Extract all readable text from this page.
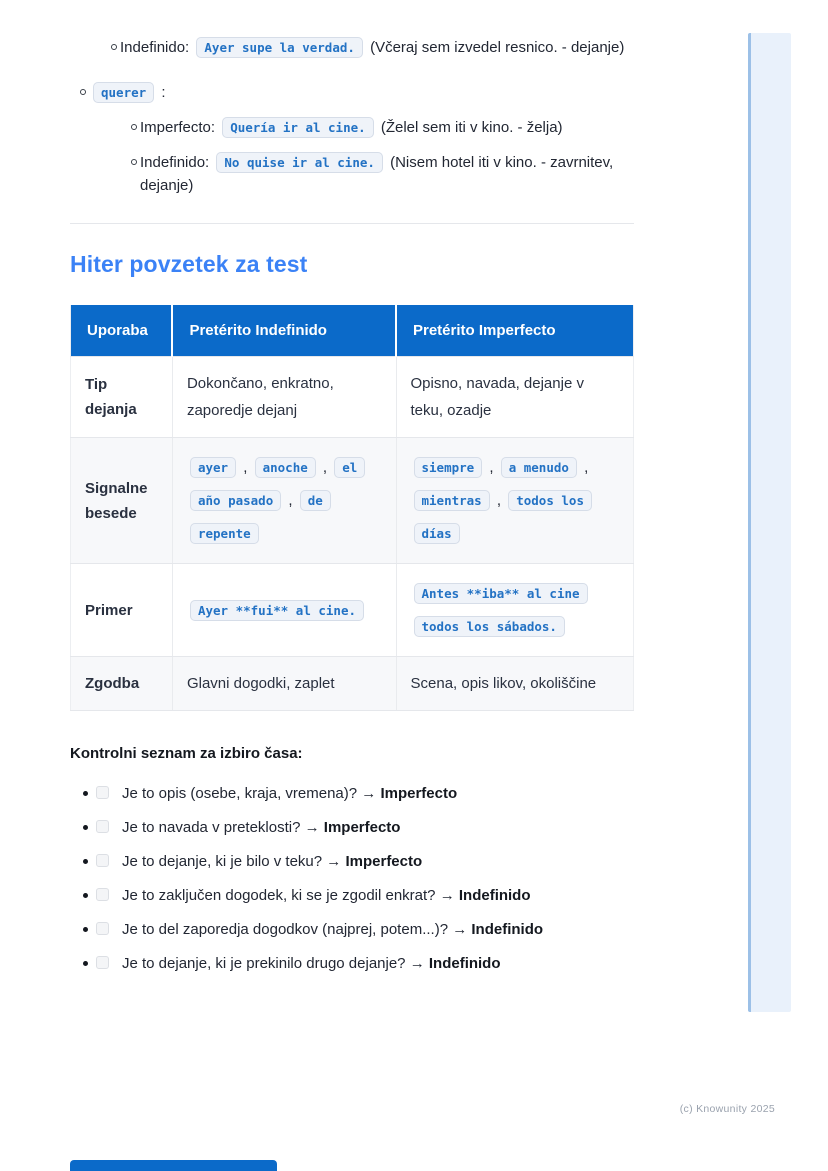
Indefinido: Ayer supe la verdad. (Včeraj sem izvedel resnico. - dejanje)
querer :
Imperfecto: Quería ir al cine. (Želel sem iti v kino. - želja)
Indefinido: No quise ir al cine. (Nisem hotel iti v kino. - zavrnitev, dejanje)
Hiter povzetek za test
Uporaba	Pretérito Indefinido	Pretérito Imperfecto
Tip dejanja	Dokončano, enkratno, zaporedje dejanj	Opisno, navada, dejanje v teku, ozadje
Signalne besede	ayer , anoche , el año pasado , de repente	siempre , a menudo , mientras , todos los días
Primer	Ayer **fui** al cine.	Antes **iba** al cine todos los sábados.
Zgodba	Glavni dogodki, zaplet	Scena, opis likov, okoliščine
Kontrolni seznam za izbiro časa:
Je to opis (osebe, kraja, vremena)? → Imperfecto
Je to navada v preteklosti? → Imperfecto
Je to dejanje, ki je bilo v teku? → Imperfecto
Je to zaključen dogodek, ki se je zgodil enkrat? → Indefinido
Je to del zaporedja dogodkov (najprej, potem...)? → Indefinido
Je to dejanje, ki je prekinilo drugo dejanje? → Indefinido
(c) Knowunity 2025
